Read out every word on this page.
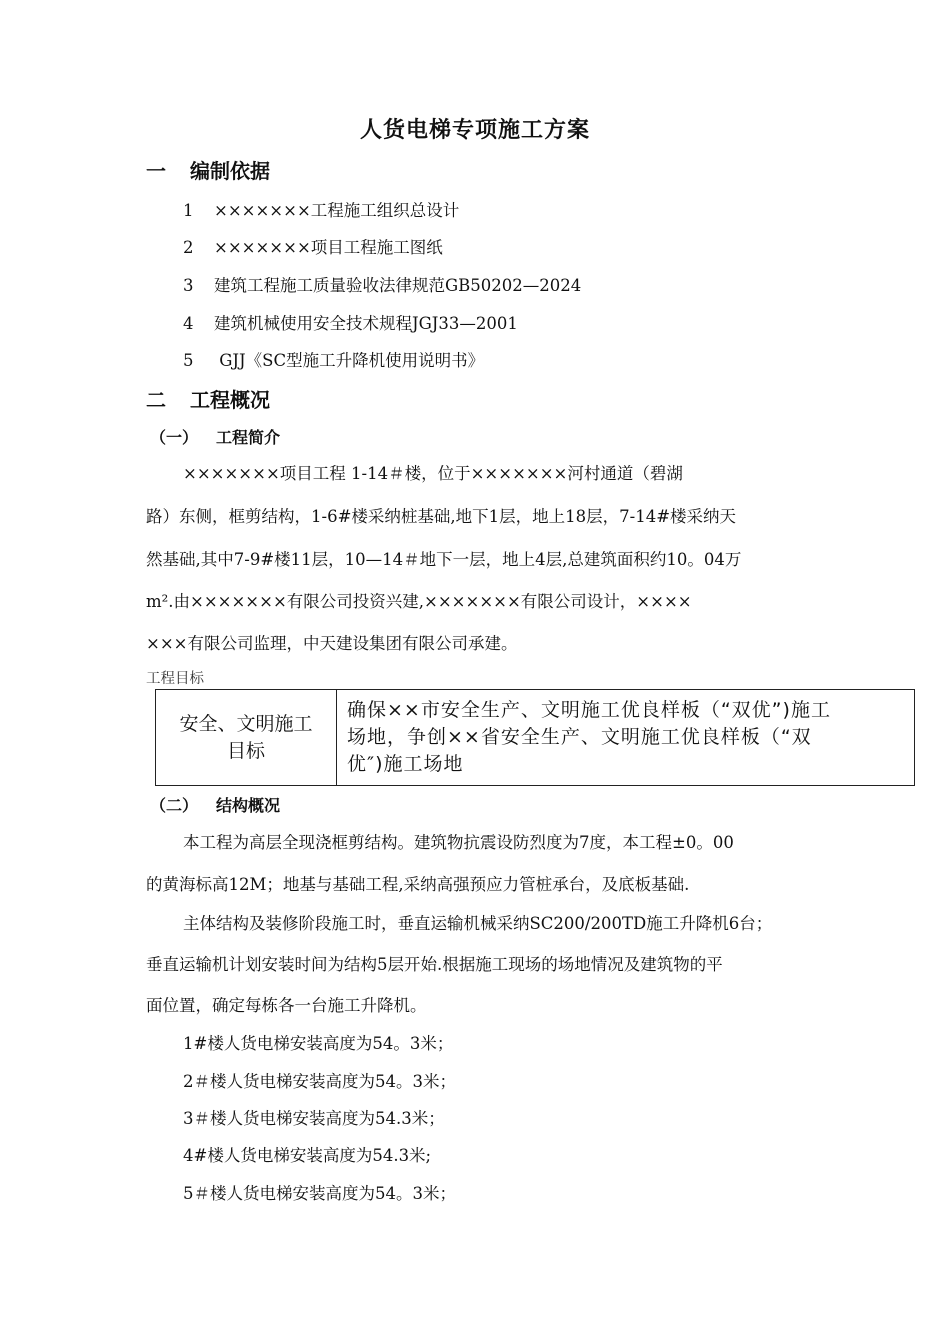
人货电梯专项施工方案
一 编制依据
1 ×××××××工程施工组织总设计
2 ×××××××项目工程施工图纸
3 建筑工程施工质量验收法律规范GB50202—2024
4 建筑机械使用安全技术规程JGJ33—2001
5 GJJ《SC型施工升降机使用说明书》
二 工程概况
（一） 工程简介
×××××××项目工程 1-14＃楼，位于×××××××河村通道（碧湖
路）东侧，框剪结构，1-6#楼采纳桩基础,地下1层，地上18层，7-14#楼采纳天
然基础,其中7-9#楼11层，10—14＃地下一层，地上4层,总建筑面积约10。04万
m².由×××××××有限公司投资兴建,×××××××有限公司设计，××××
×××有限公司监理，中天建设集团有限公司承建。
工程目标
安全、文明施工
目标

确保××市安全生产、文明施工优良样板（“双优”)施工
场地，争创××省安全生产、文明施工优良样板（“双
优″)施工场地
（二） 结构概况
本工程为高层全现浇框剪结构。建筑物抗震设防烈度为7度，本工程±0。00
的黄海标高12M；地基与基础工程,采纳高强预应力管桩承台，及底板基础.
主体结构及装修阶段施工时，垂直运输机械采纳SC200/200TD施工升降机6台；
垂直运输机计划安装时间为结构5层开始.根据施工现场的场地情况及建筑物的平
面位置，确定每栋各一台施工升降机。
1#楼人货电梯安装高度为54。3米；
2＃楼人货电梯安装高度为54。3米；
3＃楼人货电梯安装高度为54.3米；
4#楼人货电梯安装高度为54.3米;
5＃楼人货电梯安装高度为54。3米；
